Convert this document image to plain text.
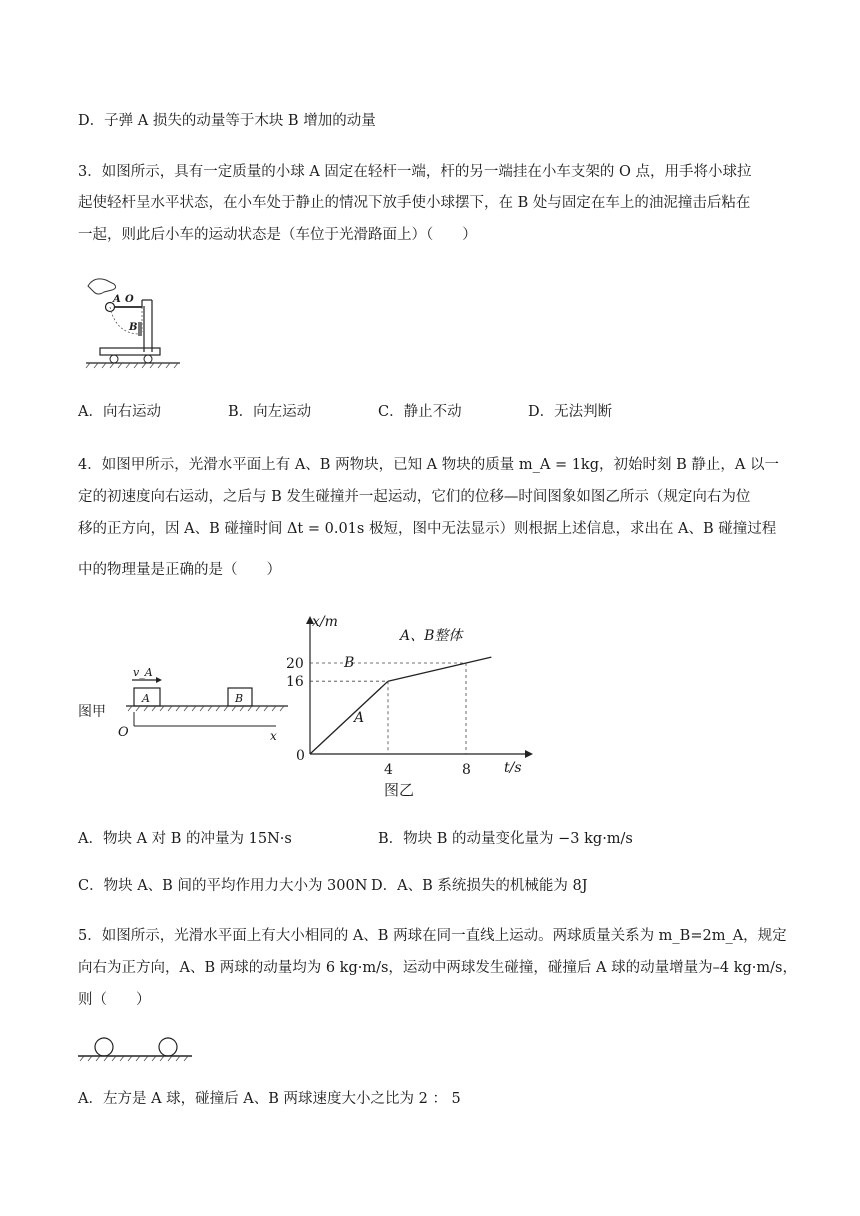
D．子弹 A 损失的动量等于木块 B 增加的动量
3．如图所示，具有一定质量的小球 A 固定在轻杆一端，杆的另一端挂在小车支架的 O 点，用手将小球拉
起使轻杆呈水平状态，在小车处于静止的情况下放手使小球摆下，在 B 处与固定在车上的油泥撞击后粘在
一起，则此后小车的运动状态是（车位于光滑路面上）（　　）
A O
B
A．向右运动	B．向左运动	C．静止不动	D．无法判断
4．如图甲所示，光滑水平面上有 A、B 两物块，已知 A 物块的质量 m_A = 1kg，初始时刻 B 静止，A 以一
定的初速度向右运动，之后与 B 发生碰撞并一起运动，它们的位移—时间图象如图乙所示（规定向右为位
移的正方向，因 A、B 碰撞时间 Δt = 0.01s 极短，图中无法显示）则根据上述信息，求出在 A、B 碰撞过程
中的物理量是正确的是（　　）
图甲
v_A
A	B
O	x
4	8
16
20
x/m
t/s
0
A
A、B整体
B
图乙
A．物块 A 对 B 的冲量为 15N·s	B．物块 B 的动量变化量为 −3 kg·m/s
C．物块 A、B 间的平均作用力大小为 300N D．A、B 系统损失的机械能为 8J
5．如图所示，光滑水平面上有大小相同的 A、B 两球在同一直线上运动。两球质量关系为 m_B=2m_A，规定
向右为正方向，A、B 两球的动量均为 6 kg·m/s，运动中两球发生碰撞，碰撞后 A 球的动量增量为–4 kg·m/s，
则（　　）
A．左方是 A 球，碰撞后 A、B 两球速度大小之比为 2 ： 5
